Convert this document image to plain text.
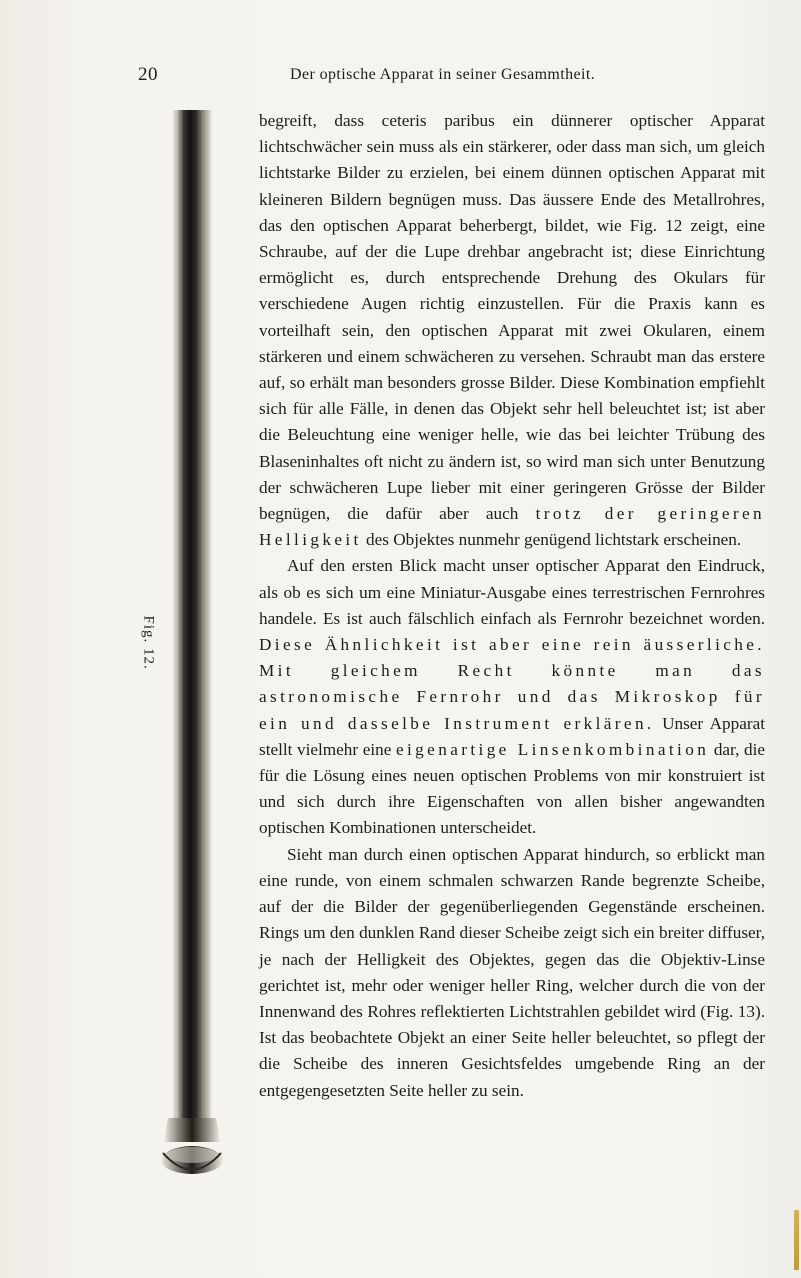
20	Der optische Apparat in seiner Gesammtheit.
Fig. 12.

begreift, dass ceteris paribus ein dünnerer optischer Apparat lichtschwächer sein muss als ein stärkerer, oder dass man sich, um gleich lichtstarke Bilder zu erzielen, bei einem dünnen optischen Apparat mit kleineren Bildern begnügen muss. Das äussere Ende des Metallrohres, das den optischen Apparat beherbergt, bildet, wie Fig. 12 zeigt, eine Schraube, auf der die Lupe drehbar angebracht ist; diese Einrichtung ermöglicht es, durch entsprechende Drehung des Okulars für verschiedene Augen richtig einzustellen. Für die Praxis kann es vorteilhaft sein, den optischen Apparat mit zwei Okularen, einem stärkeren und einem schwächeren zu versehen. Schraubt man das erstere auf, so erhält man besonders grosse Bilder. Diese Kombination empfiehlt sich für alle Fälle, in denen das Objekt sehr hell beleuchtet ist; ist aber die Beleuchtung eine weniger helle, wie das bei leichter Trübung des Blaseninhaltes oft nicht zu ändern ist, so wird man sich unter Benutzung der schwächeren Lupe lieber mit einer geringeren Grösse der Bilder begnügen, die dafür aber auch trotz der geringeren Helligkeit des Objektes nunmehr genügend lichtstark erscheinen.

Auf den ersten Blick macht unser optischer Apparat den Eindruck, als ob es sich um eine Miniatur-Ausgabe eines terrestrischen Fernrohres handele. Es ist auch fälschlich einfach als Fernrohr bezeichnet worden. Diese Ähnlichkeit ist aber eine rein äusserliche. Mit gleichem Recht könnte man das astronomische Fernrohr und das Mikroskop für ein und dasselbe Instrument erklären. Unser Apparat stellt vielmehr eine eigenartige Linsenkombination dar, die für die Lösung eines neuen optischen Problems von mir konstruiert ist und sich durch ihre Eigenschaften von allen bisher angewandten optischen Kombinationen unterscheidet.

Sieht man durch einen optischen Apparat hindurch, so erblickt man eine runde, von einem schmalen schwarzen Rande begrenzte Scheibe, auf der die Bilder der gegenüberliegenden Gegenstände erscheinen. Rings um den dunklen Rand dieser Scheibe zeigt sich ein breiter diffuser, je nach der Helligkeit des Objektes, gegen das die Objektiv-Linse gerichtet ist, mehr oder weniger heller Ring, welcher durch die von der Innenwand des Rohres reflektierten Lichtstrahlen gebildet wird (Fig. 13). Ist das beobachtete Objekt an einer Seite heller beleuchtet, so pflegt der die Scheibe des inneren Gesichtsfeldes umgebende Ring an der entgegengesetzten Seite heller zu sein.
